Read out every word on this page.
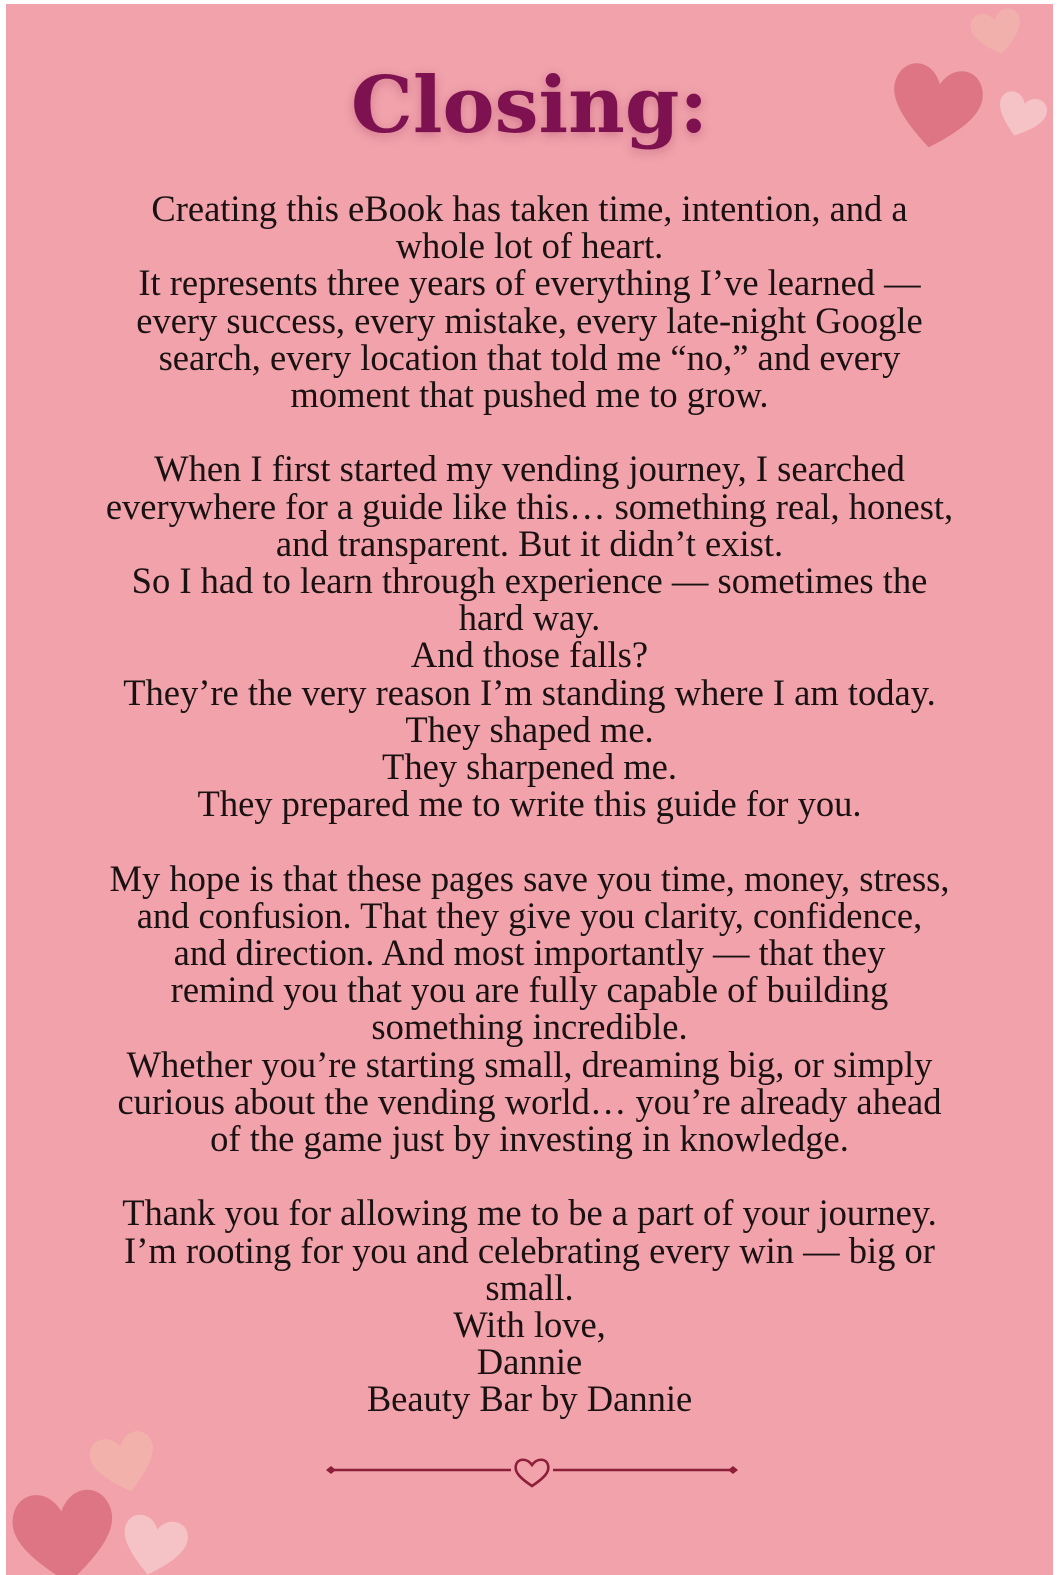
Closing:

Creating this eBook has taken time, intention, and a
whole lot of heart.
It represents three years of everything I’ve learned —
every success, every mistake, every late-night Google
search, every location that told me “no,” and every
moment that pushed me to grow.

When I first started my vending journey, I searched
everywhere for a guide like this… something real, honest,
and transparent. But it didn’t exist.
So I had to learn through experience — sometimes the
hard way.
And those falls?
They’re the very reason I’m standing where I am today.
They shaped me.
They sharpened me.
They prepared me to write this guide for you.

My hope is that these pages save you time, money, stress,
and confusion. That they give you clarity, confidence,
and direction. And most importantly — that they
remind you that you are fully capable of building
something incredible.
Whether you’re starting small, dreaming big, or simply
curious about the vending world… you’re already ahead
of the game just by investing in knowledge.

Thank you for allowing me to be a part of your journey.
I’m rooting for you and celebrating every win — big or
small.
With love,
Dannie
Beauty Bar by Dannie
